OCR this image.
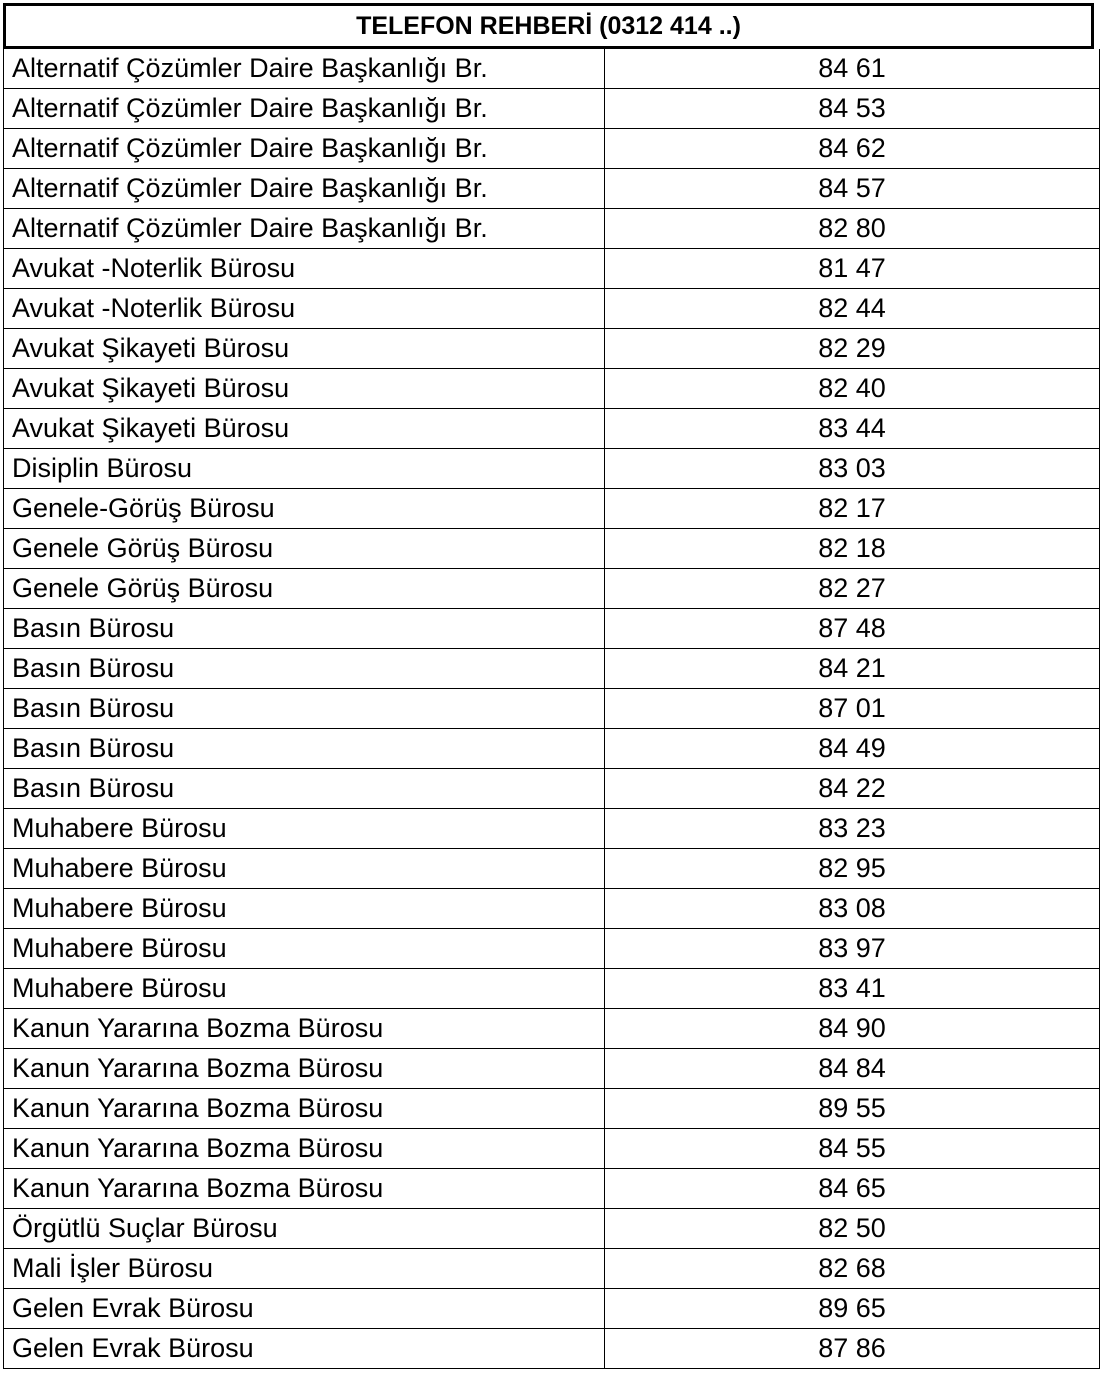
TELEFON REHBERİ (0312 414 ..)
Alternatif Çözümler Daire Başkanlığı Br.	84 61
Alternatif Çözümler Daire Başkanlığı Br.	84 53
Alternatif Çözümler Daire Başkanlığı Br.	84 62
Alternatif Çözümler Daire Başkanlığı Br.	84 57
Alternatif Çözümler Daire Başkanlığı Br.	82 80
Avukat -Noterlik Bürosu	81 47
Avukat -Noterlik Bürosu	82 44
Avukat Şikayeti Bürosu	82 29
Avukat Şikayeti Bürosu	82 40
Avukat Şikayeti Bürosu	83 44
Disiplin Bürosu	83 03
Genele-Görüş Bürosu	82 17
Genele Görüş Bürosu	82 18
Genele Görüş Bürosu	82 27
Basın Bürosu	87 48
Basın Bürosu	84 21
Basın Bürosu	87 01
Basın Bürosu	84 49
Basın Bürosu	84 22
Muhabere Bürosu	83 23
Muhabere Bürosu	82 95
Muhabere Bürosu	83 08
Muhabere Bürosu	83 97
Muhabere Bürosu	83 41
Kanun Yararına Bozma Bürosu	84 90
Kanun Yararına Bozma Bürosu	84 84
Kanun Yararına Bozma Bürosu	89 55
Kanun Yararına Bozma Bürosu	84 55
Kanun Yararına Bozma Bürosu	84 65
Örgütlü Suçlar Bürosu	82 50
Mali İşler Bürosu	82 68
Gelen Evrak Bürosu	89 65
Gelen Evrak Bürosu	87 86
